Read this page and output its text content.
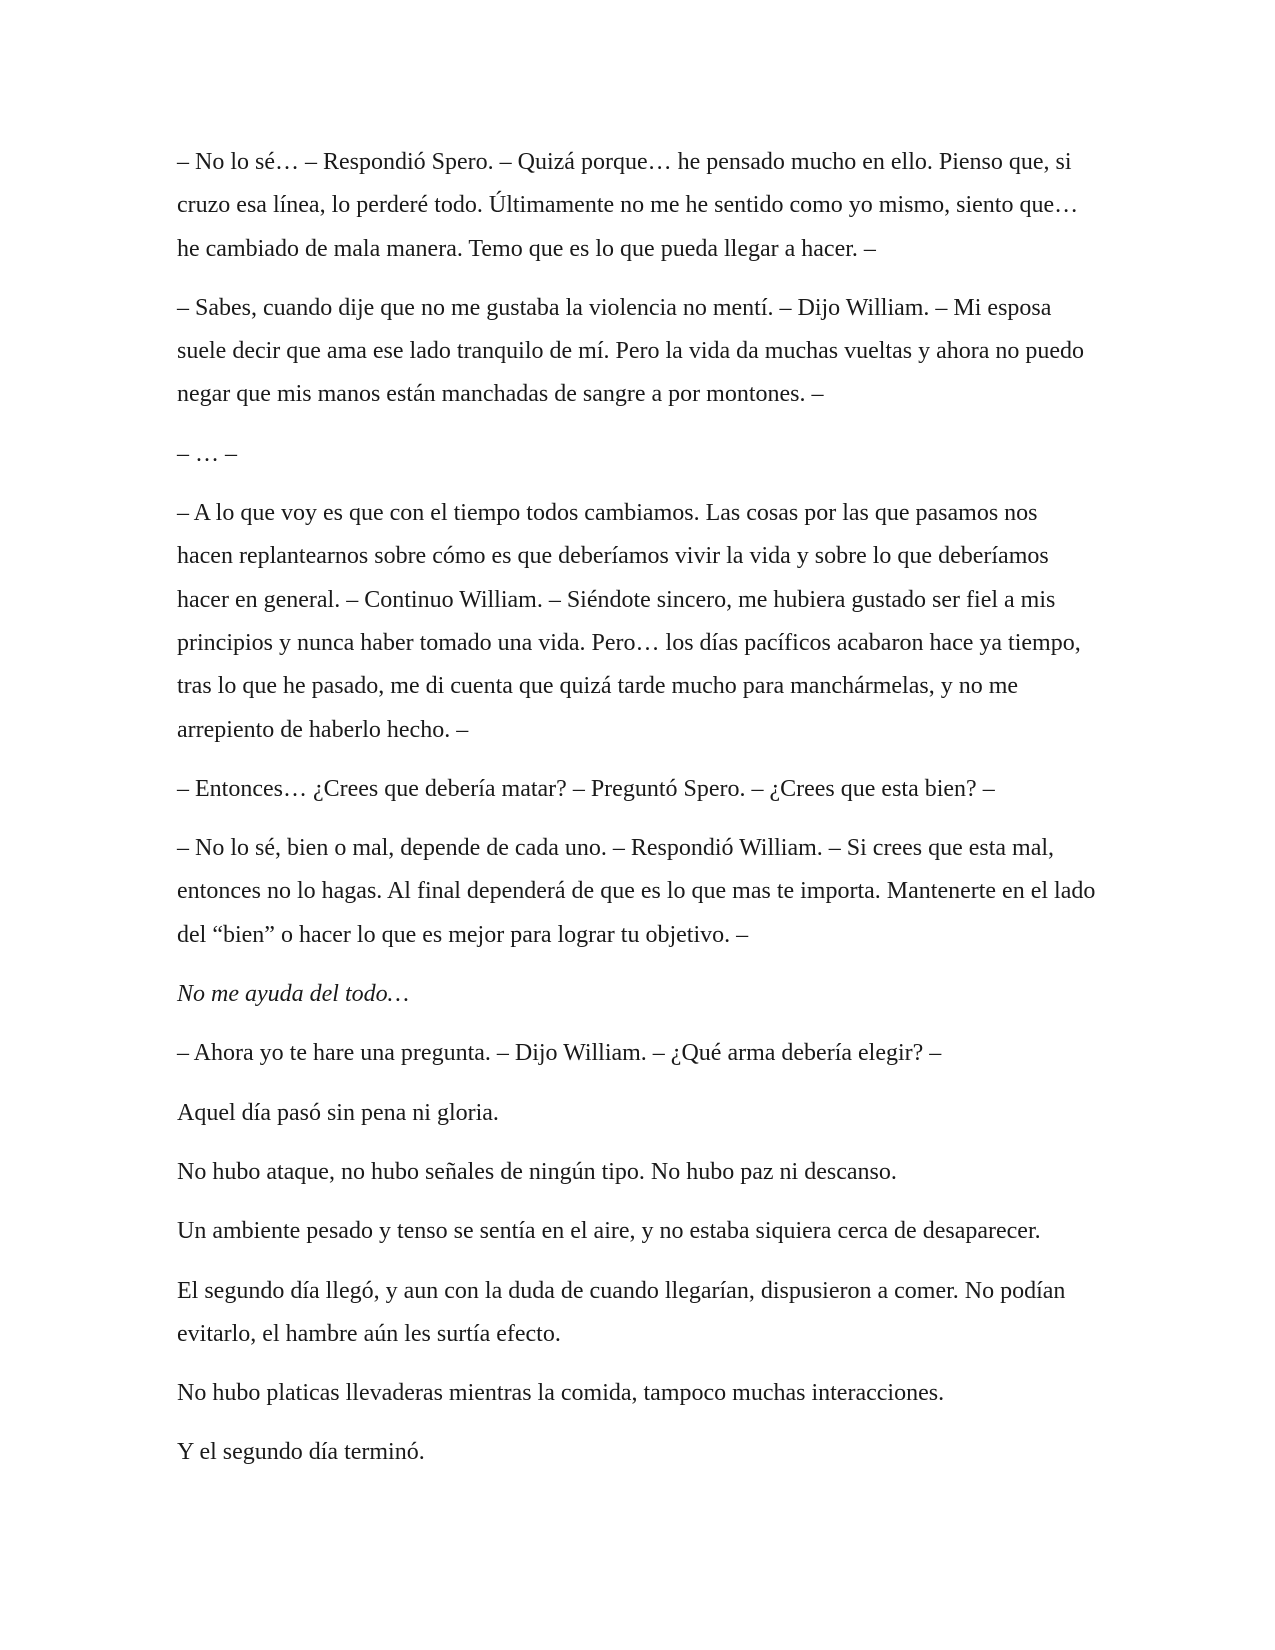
– No lo sé… – Respondió Spero. – Quizá porque… he pensado mucho en ello. Pienso que, si cruzo esa línea, lo perderé todo. Últimamente no me he sentido como yo mismo, siento que… he cambiado de mala manera. Temo que es lo que pueda llegar a hacer. –

– Sabes, cuando dije que no me gustaba la violencia no mentí. – Dijo William. – Mi esposa suele decir que ama ese lado tranquilo de mí. Pero la vida da muchas vueltas y ahora no puedo negar que mis manos están manchadas de sangre a por montones. –

– … –

– A lo que voy es que con el tiempo todos cambiamos. Las cosas por las que pasamos nos hacen replantearnos sobre cómo es que deberíamos vivir la vida y sobre lo que deberíamos hacer en general. – Continuo William. – Siéndote sincero, me hubiera gustado ser fiel a mis principios y nunca haber tomado una vida. Pero… los días pacíficos acabaron hace ya tiempo, tras lo que he pasado, me di cuenta que quizá tarde mucho para manchármelas, y no me arrepiento de haberlo hecho. –

– Entonces… ¿Crees que debería matar? – Preguntó Spero. – ¿Crees que esta bien? –

– No lo sé, bien o mal, depende de cada uno. – Respondió William. – Si crees que esta mal, entonces no lo hagas. Al final dependerá de que es lo que mas te importa. Mantenerte en el lado del “bien” o hacer lo que es mejor para lograr tu objetivo. –

No me ayuda del todo…

– Ahora yo te hare una pregunta. – Dijo William. – ¿Qué arma debería elegir? –

Aquel día pasó sin pena ni gloria.

No hubo ataque, no hubo señales de ningún tipo. No hubo paz ni descanso.

Un ambiente pesado y tenso se sentía en el aire, y no estaba siquiera cerca de desaparecer.

El segundo día llegó, y aun con la duda de cuando llegarían, dispusieron a comer. No podían evitarlo, el hambre aún les surtía efecto.

No hubo platicas llevaderas mientras la comida, tampoco muchas interacciones.

Y el segundo día terminó.
